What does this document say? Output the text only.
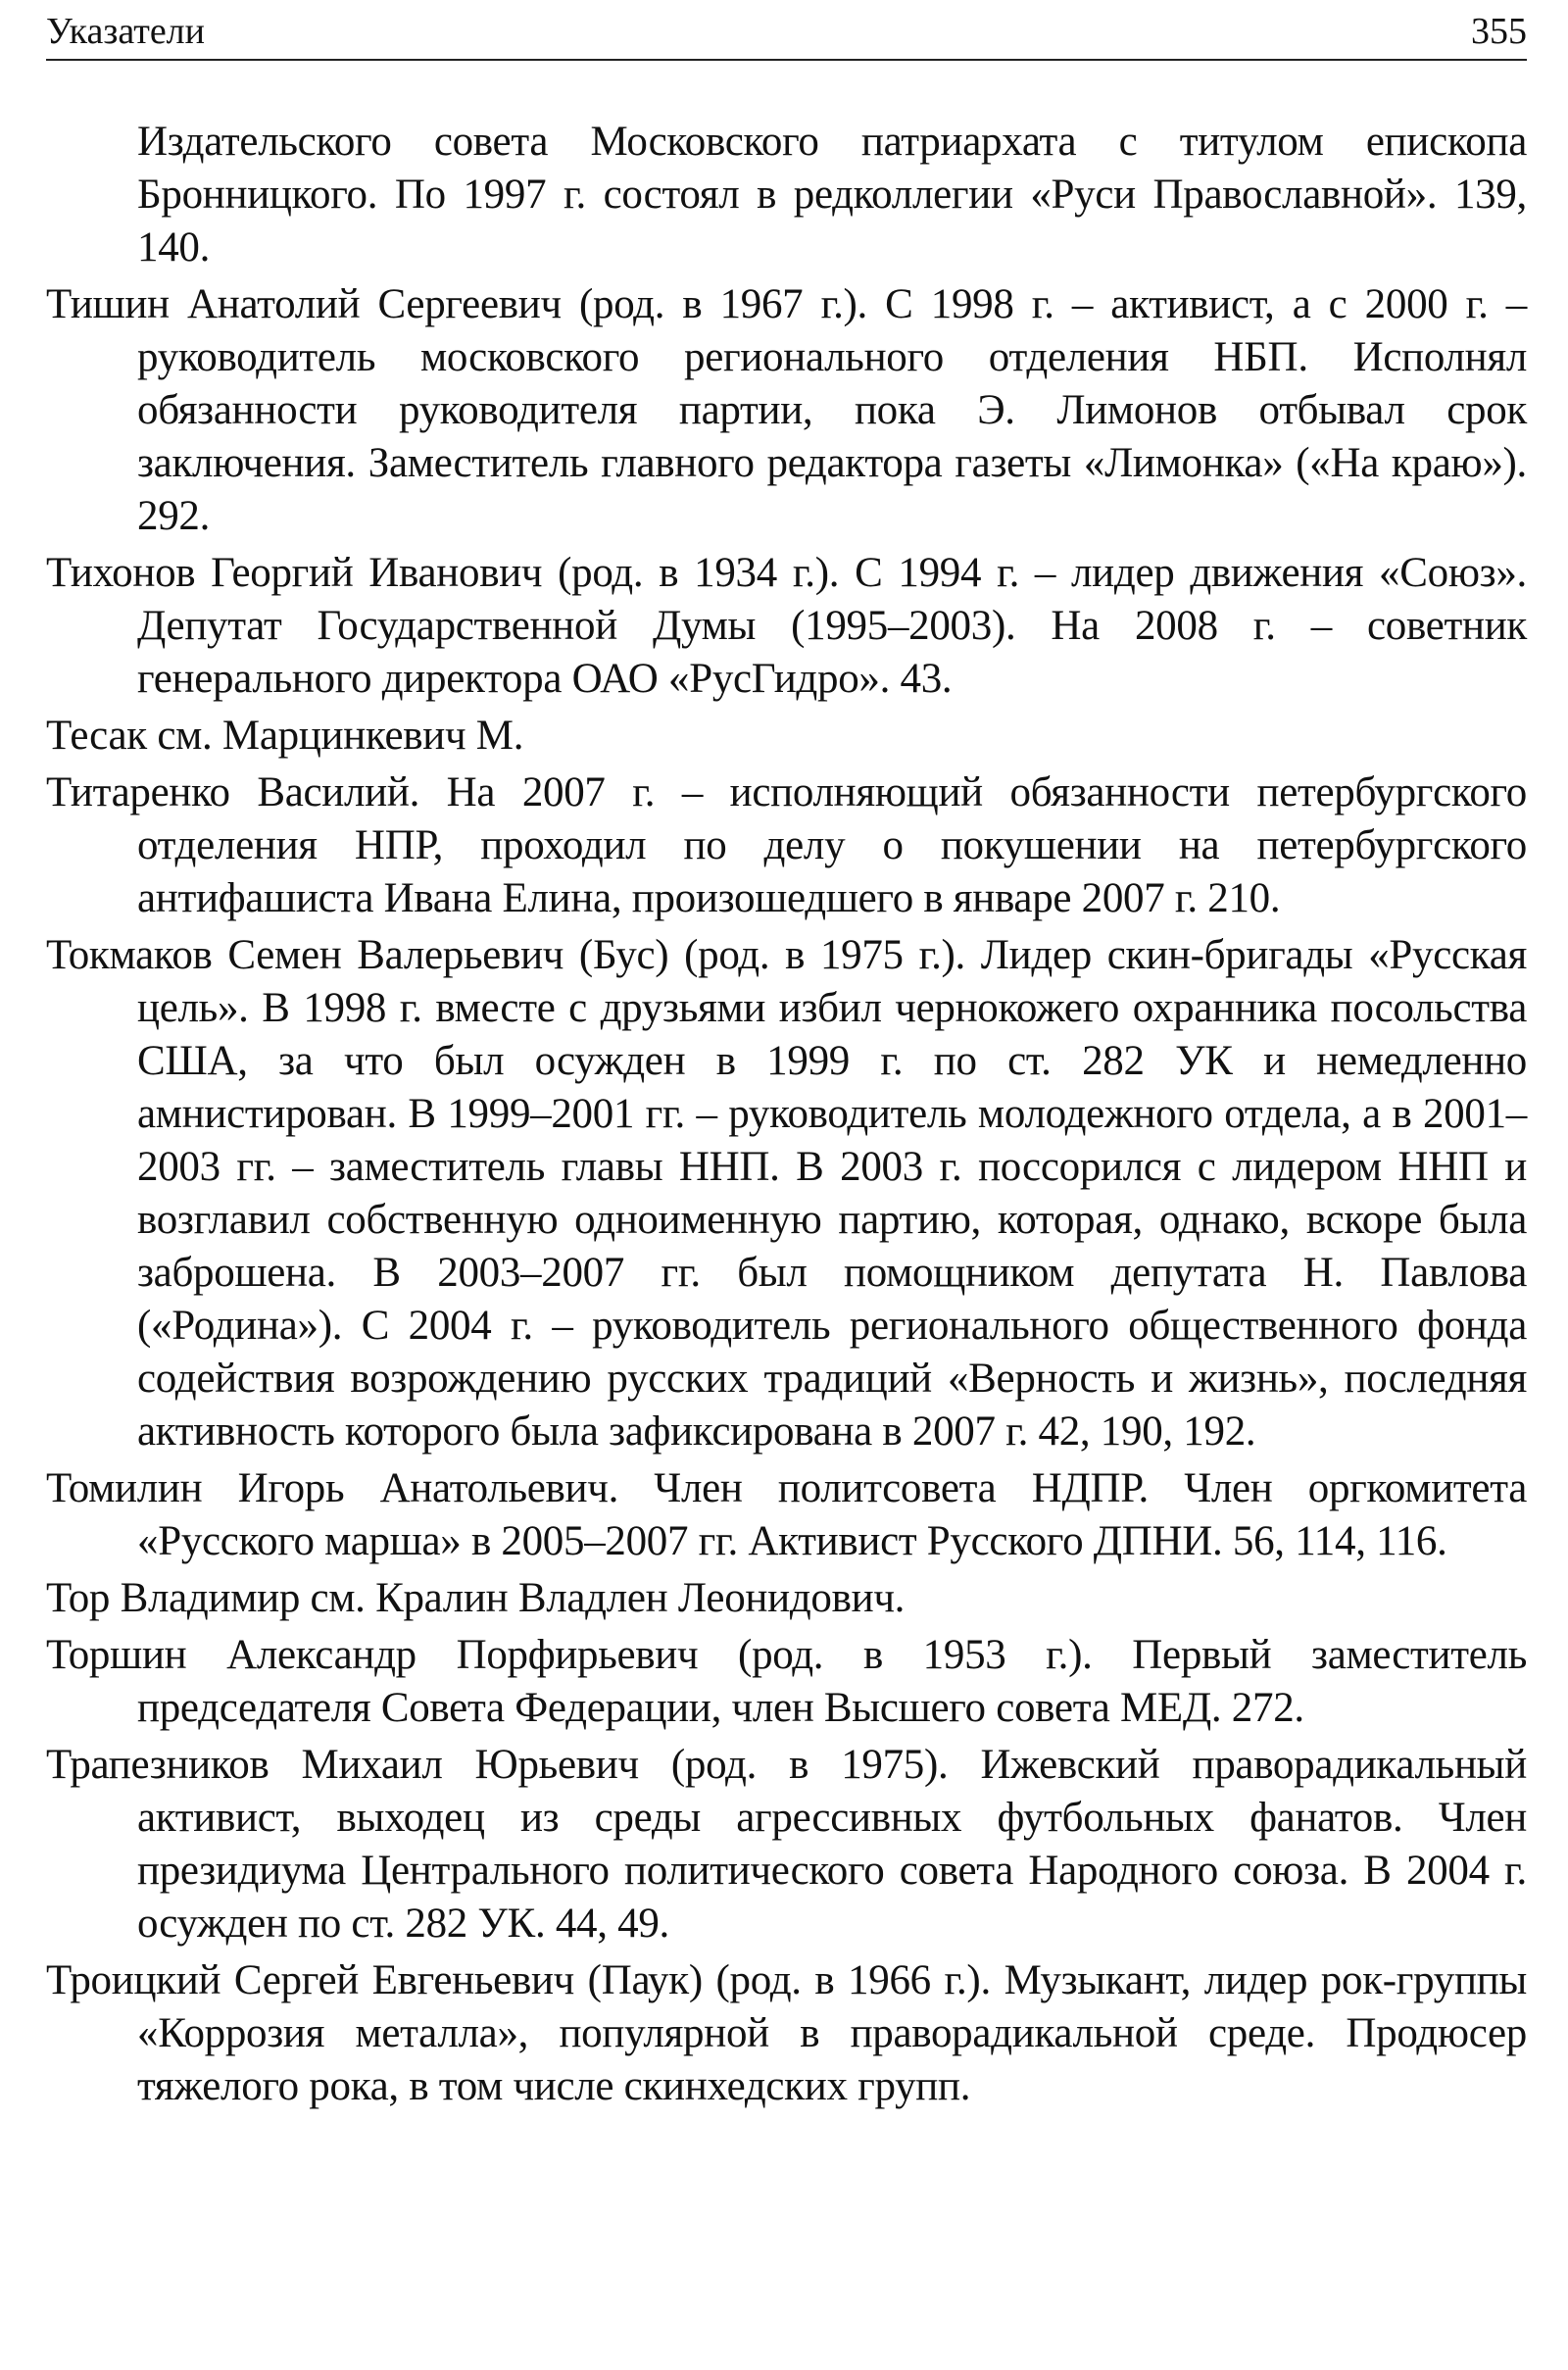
Указатели	355

Издательского совета Московского патриархата с титулом епископа Бронницкого. По 1997 г. состоял в редколлегии «Руси Православной». 139, 140.

Тишин Анатолий Сергеевич (род. в 1967 г.). С 1998 г. – активист, а с 2000 г. – руководитель московского регионального отделения НБП. Исполнял обязанности руководителя партии, пока Э. Лимонов отбывал срок заключения. Заместитель главного редактора газеты «Лимонка» («На краю»). 292.

Тихонов Георгий Иванович (род. в 1934 г.). С 1994 г. – лидер движения «Союз». Депутат Государственной Думы (1995–2003). На 2008 г. – советник генерального директора ОАО «РусГидро». 43.

Тесак см. Марцинкевич М.

Титаренко Василий. На 2007 г. – исполняющий обязанности петербургского отделения НПР, проходил по делу о покушении на петербургского антифашиста Ивана Елина, произошедшего в январе 2007 г. 210.

Токмаков Семен Валерьевич (Бус) (род. в 1975 г.). Лидер скин-бригады «Русская цель». В 1998 г. вместе с друзьями избил чернокожего охранника посольства США, за что был осужден в 1999 г. по ст. 282 УК и немедленно амнистирован. В 1999–2001 гг. – руководитель молодежного отдела, а в 2001–2003 гг. – заместитель главы ННП. В 2003 г. поссорился с лидером ННП и возглавил собственную одноименную партию, которая, однако, вскоре была заброшена. В 2003–2007 гг. был помощником депутата Н. Павлова («Родина»). С 2004 г. – руководитель регионального общественного фонда содействия возрождению русских традиций «Верность и жизнь», последняя активность которого была зафиксирована в 2007 г. 42, 190, 192.

Томилин Игорь Анатольевич. Член политсовета НДПР. Член оргкомитета «Русского марша» в 2005–2007 гг. Активист Русского ДПНИ. 56, 114, 116.

Тор Владимир см. Кралин Владлен Леонидович.

Торшин Александр Порфирьевич (род. в 1953 г.). Первый заместитель председателя Совета Федерации, член Высшего совета МЕД. 272.

Трапезников Михаил Юрьевич (род. в 1975). Ижевский праворадикальный активист, выходец из среды агрессивных футбольных фанатов. Член президиума Центрального политического совета Народного союза. В 2004 г. осужден по ст. 282 УК. 44, 49.

Троицкий Сергей Евгеньевич (Паук) (род. в 1966 г.). Музыкант, лидер рок-группы «Коррозия металла», популярной в праворадикальной среде. Продюсер тяжелого рока, в том числе скинхедских групп.
